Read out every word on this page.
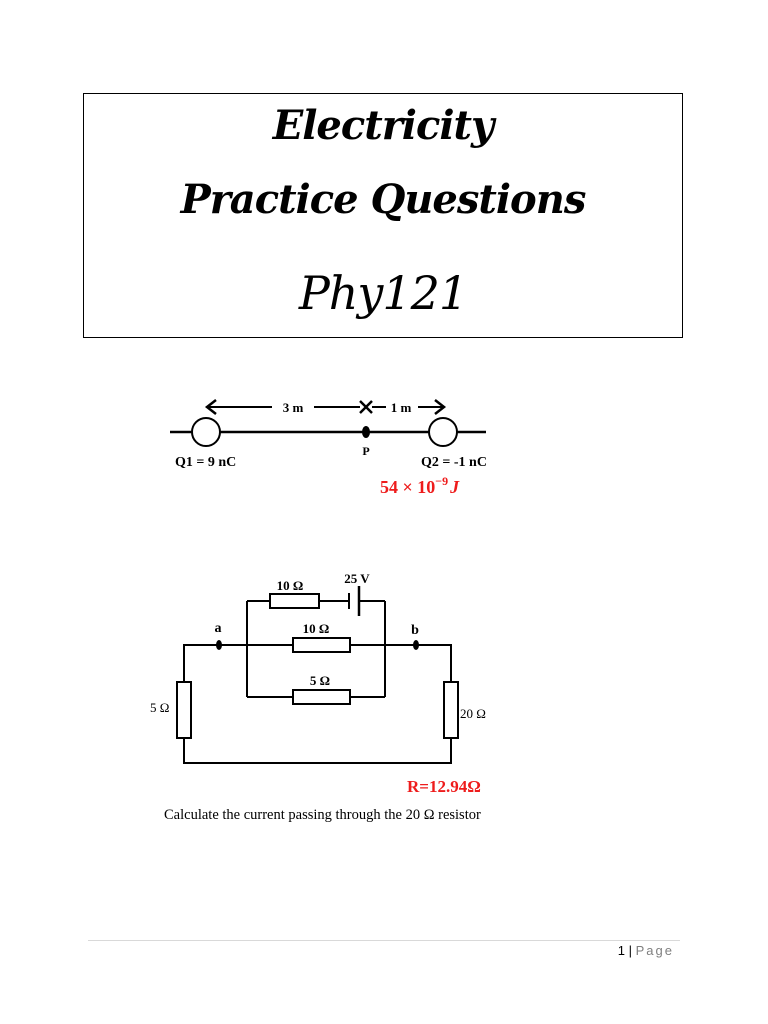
Electricity
Practice Questions
Phy121
3 m	1 m
P
Q1 = 9 nC	Q2 = -1 nC
$54 \times 10^{-9}$ J
25 V
10 Ω
10 Ω
5 Ω
5 Ω	20 Ω
a	b
R=12.94Ω
Calculate the current passing through the 20 Ω resistor
1 | Page
